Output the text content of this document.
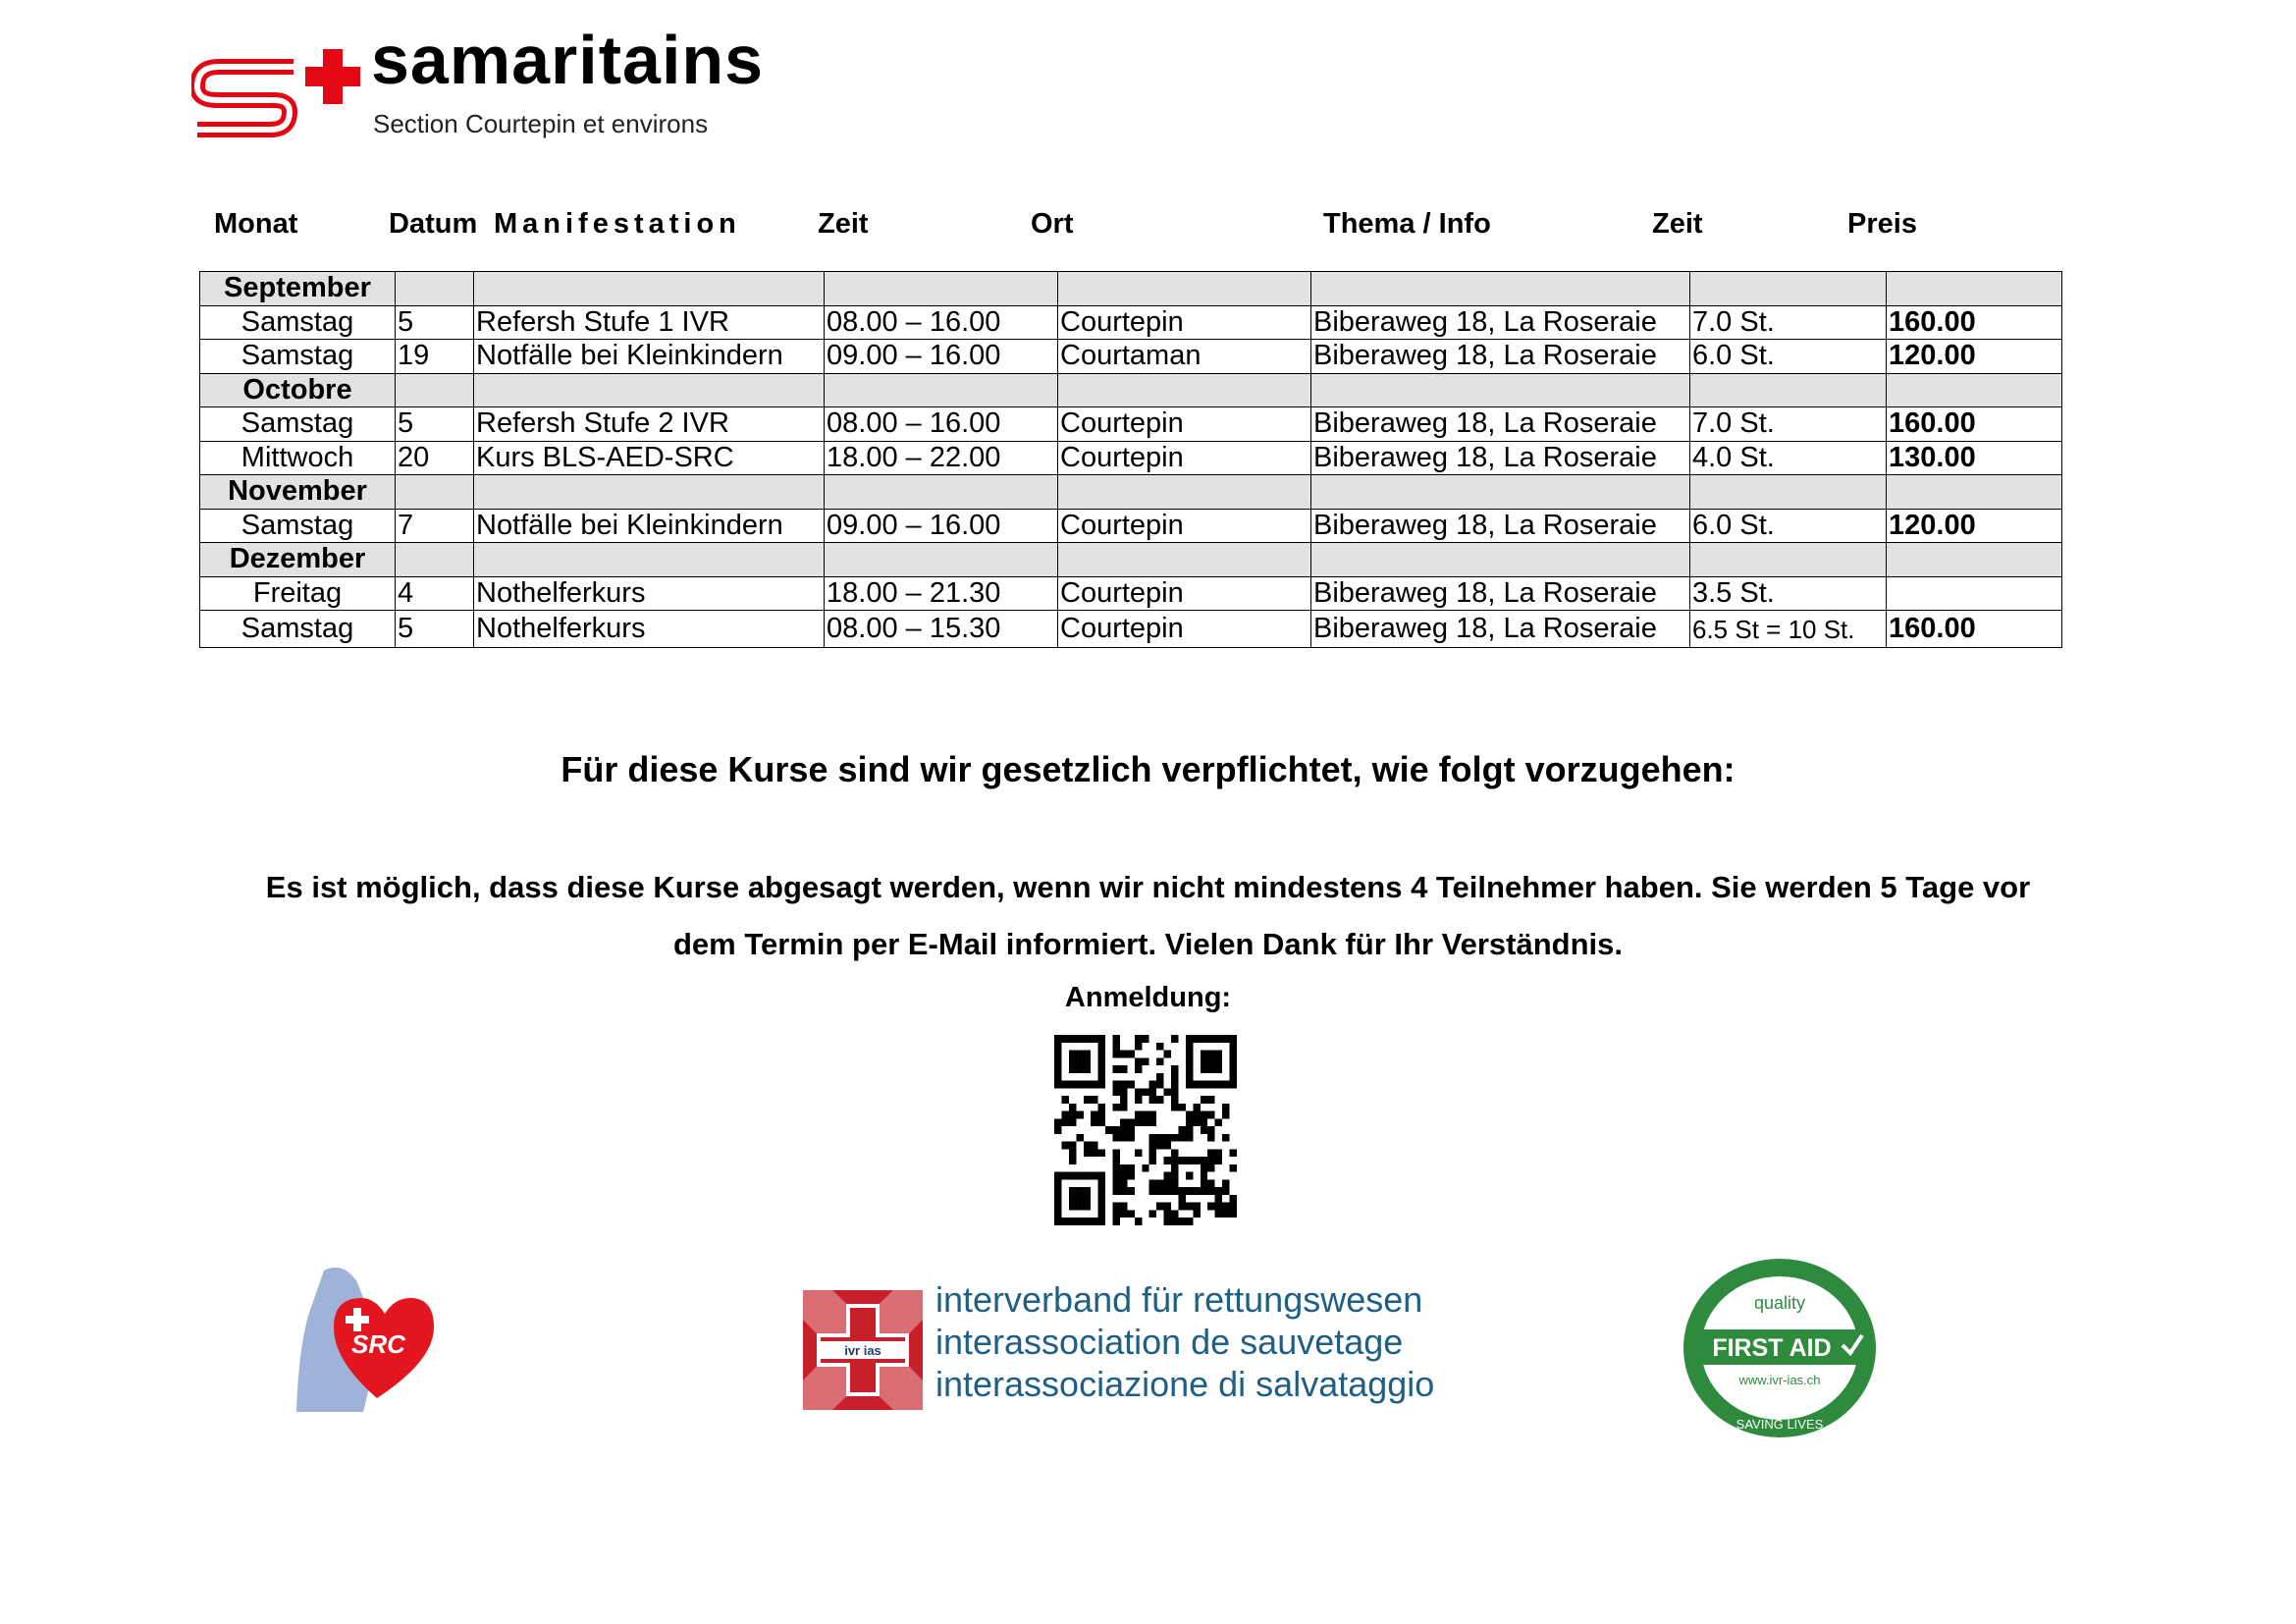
samaritains
Section Courtepin et environs
Monat	Datum Manifestation	Zeit	Ort	Thema / Info	Zeit	Preis
September							
Samstag	5	Refersh Stufe 1 IVR	08.00 – 16.00	Courtepin	Biberaweg 18, La Roseraie	7.0 St.	160.00
Samstag	19	Notfälle bei Kleinkindern	09.00 – 16.00	Courtaman	Biberaweg 18, La Roseraie	6.0 St.	120.00
Octobre							
Samstag	5	Refersh Stufe 2 IVR	08.00 – 16.00	Courtepin	Biberaweg 18, La Roseraie	7.0 St.	160.00
Mittwoch	20	Kurs BLS-AED-SRC	18.00 – 22.00	Courtepin	Biberaweg 18, La Roseraie	4.0 St.	130.00
November							
Samstag	7	Notfälle bei Kleinkindern	09.00 – 16.00	Courtepin	Biberaweg 18, La Roseraie	6.0 St.	120.00
Dezember							
Freitag	4	Nothelferkurs	18.00 – 21.30	Courtepin	Biberaweg 18, La Roseraie	3.5 St.	
Samstag	5	Nothelferkurs	08.00 – 15.30	Courtepin	Biberaweg 18, La Roseraie	6.5 St = 10 St.	160.00
Für diese Kurse sind wir gesetzlich verpflichtet, wie folgt vorzugehen:
Es ist möglich, dass diese Kurse abgesagt werden, wenn wir nicht mindestens 4 Teilnehmer haben. Sie werden 5 Tage vor
dem Termin per E-Mail informiert. Vielen Dank für Ihr Verständnis.
Anmeldung:
SRC	ivr ias
interverband für rettungswesen
interassociation de sauvetage
interassociazione di salvataggio
quality
FIRST AID
www.ivr-ias.ch
SAVING LIVES
